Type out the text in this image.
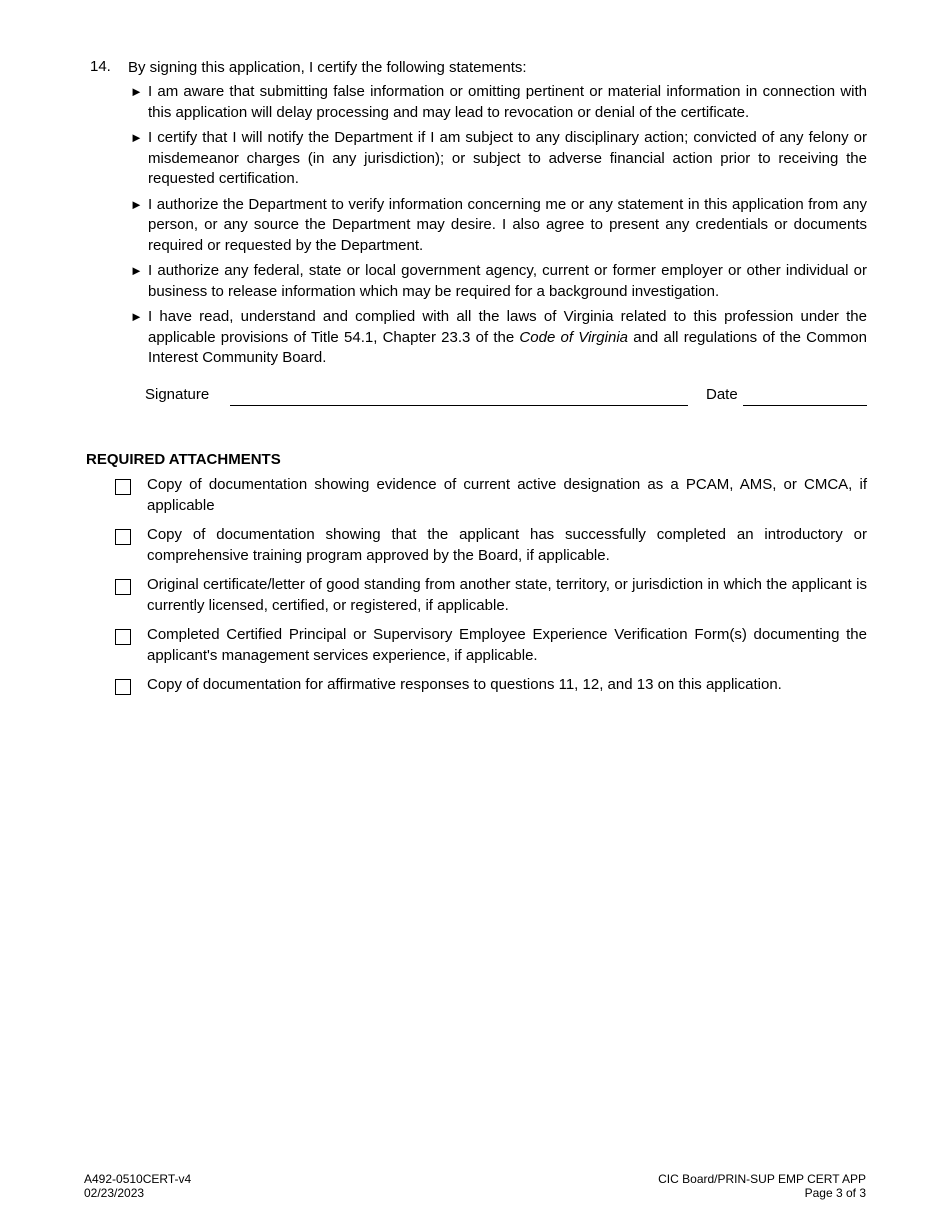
14. By signing this application, I certify the following statements:
► I am aware that submitting false information or omitting pertinent or material information in connection with this application will delay processing and may lead to revocation or denial of the certificate.
► I certify that I will notify the Department if I am subject to any disciplinary action; convicted of any felony or misdemeanor charges (in any jurisdiction); or subject to adverse financial action prior to receiving the requested certification.
► I authorize the Department to verify information concerning me or any statement in this application from any person, or any source the Department may desire. I also agree to present any credentials or documents required or requested by the Department.
► I authorize any federal, state or local government agency, current or former employer or other individual or business to release information which may be required for a background investigation.
► I have read, understand and complied with all the laws of Virginia related to this profession under the applicable provisions of Title 54.1, Chapter 23.3 of the Code of Virginia and all regulations of the Common Interest Community Board.
Signature	Date
REQUIRED ATTACHMENTS
Copy of documentation showing evidence of current active designation as a PCAM, AMS, or CMCA, if applicable
Copy of documentation showing that the applicant has successfully completed an introductory or comprehensive training program approved by the Board, if applicable.
Original certificate/letter of good standing from another state, territory, or jurisdiction in which the applicant is currently licensed, certified, or registered, if applicable.
Completed Certified Principal or Supervisory Employee Experience Verification Form(s) documenting the applicant's management services experience, if applicable.
Copy of documentation for affirmative responses to questions 11, 12, and 13 on this application.
A492-0510CERT-v4
02/23/2023
CIC Board/PRIN-SUP EMP CERT APP
Page 3 of 3
